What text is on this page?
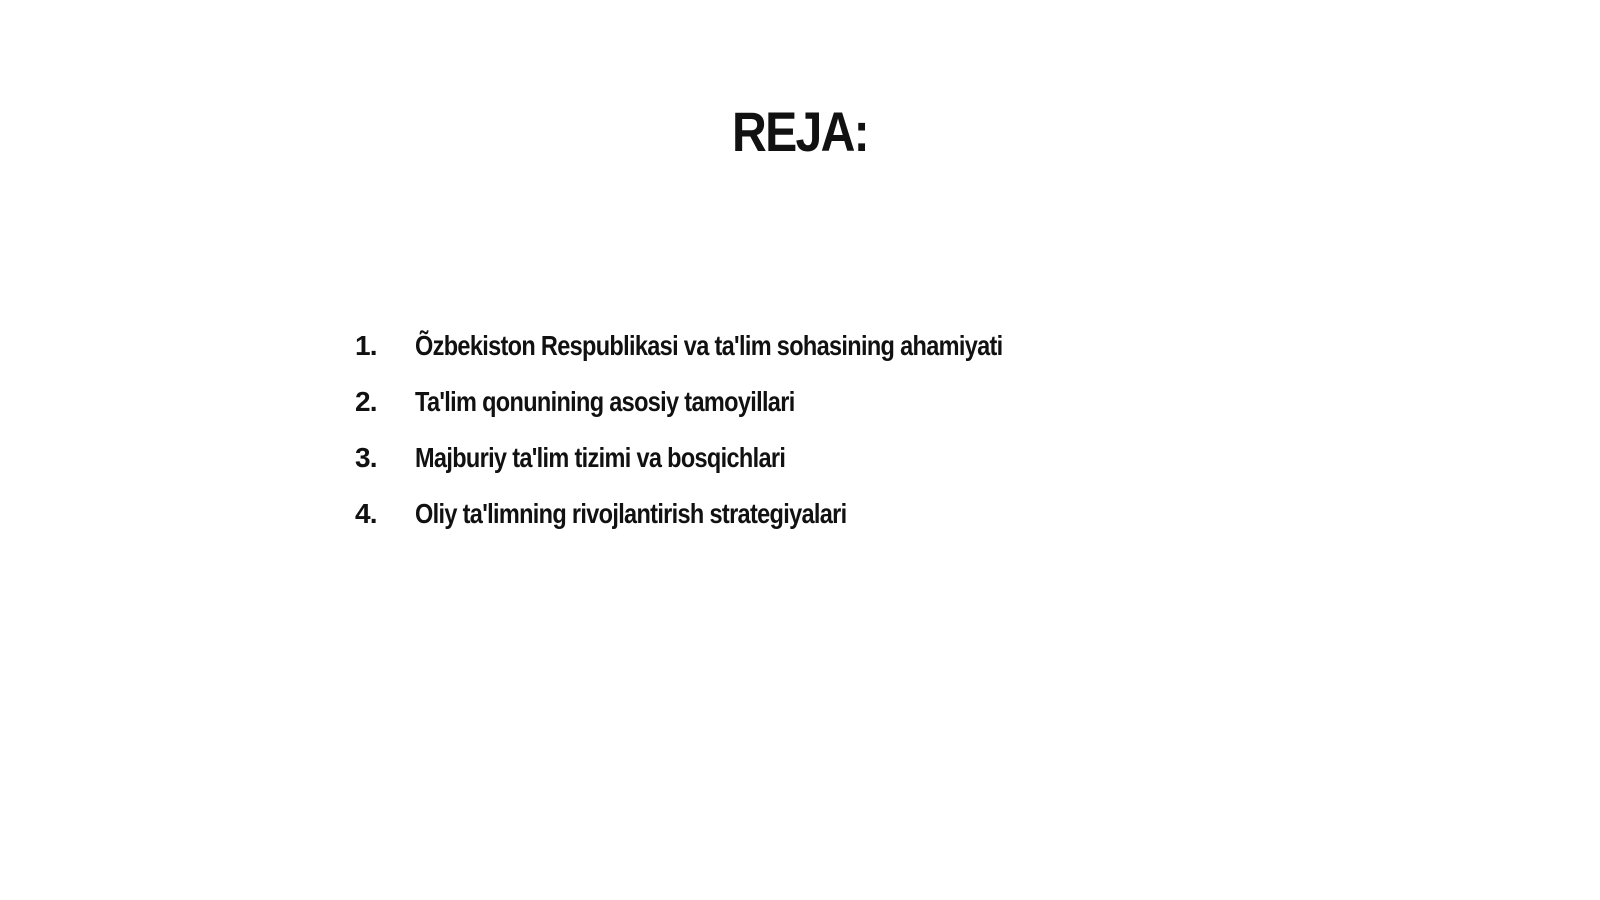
REJA:
1.	Õzbekiston Respublikasi va ta'lim sohasining ahamiyati
2.	Ta'lim qonunining asosiy tamoyillari
3.	Majburiy ta'lim tizimi va bosqichlari
4.	Oliy ta'limning rivojlantirish strategiyalari
